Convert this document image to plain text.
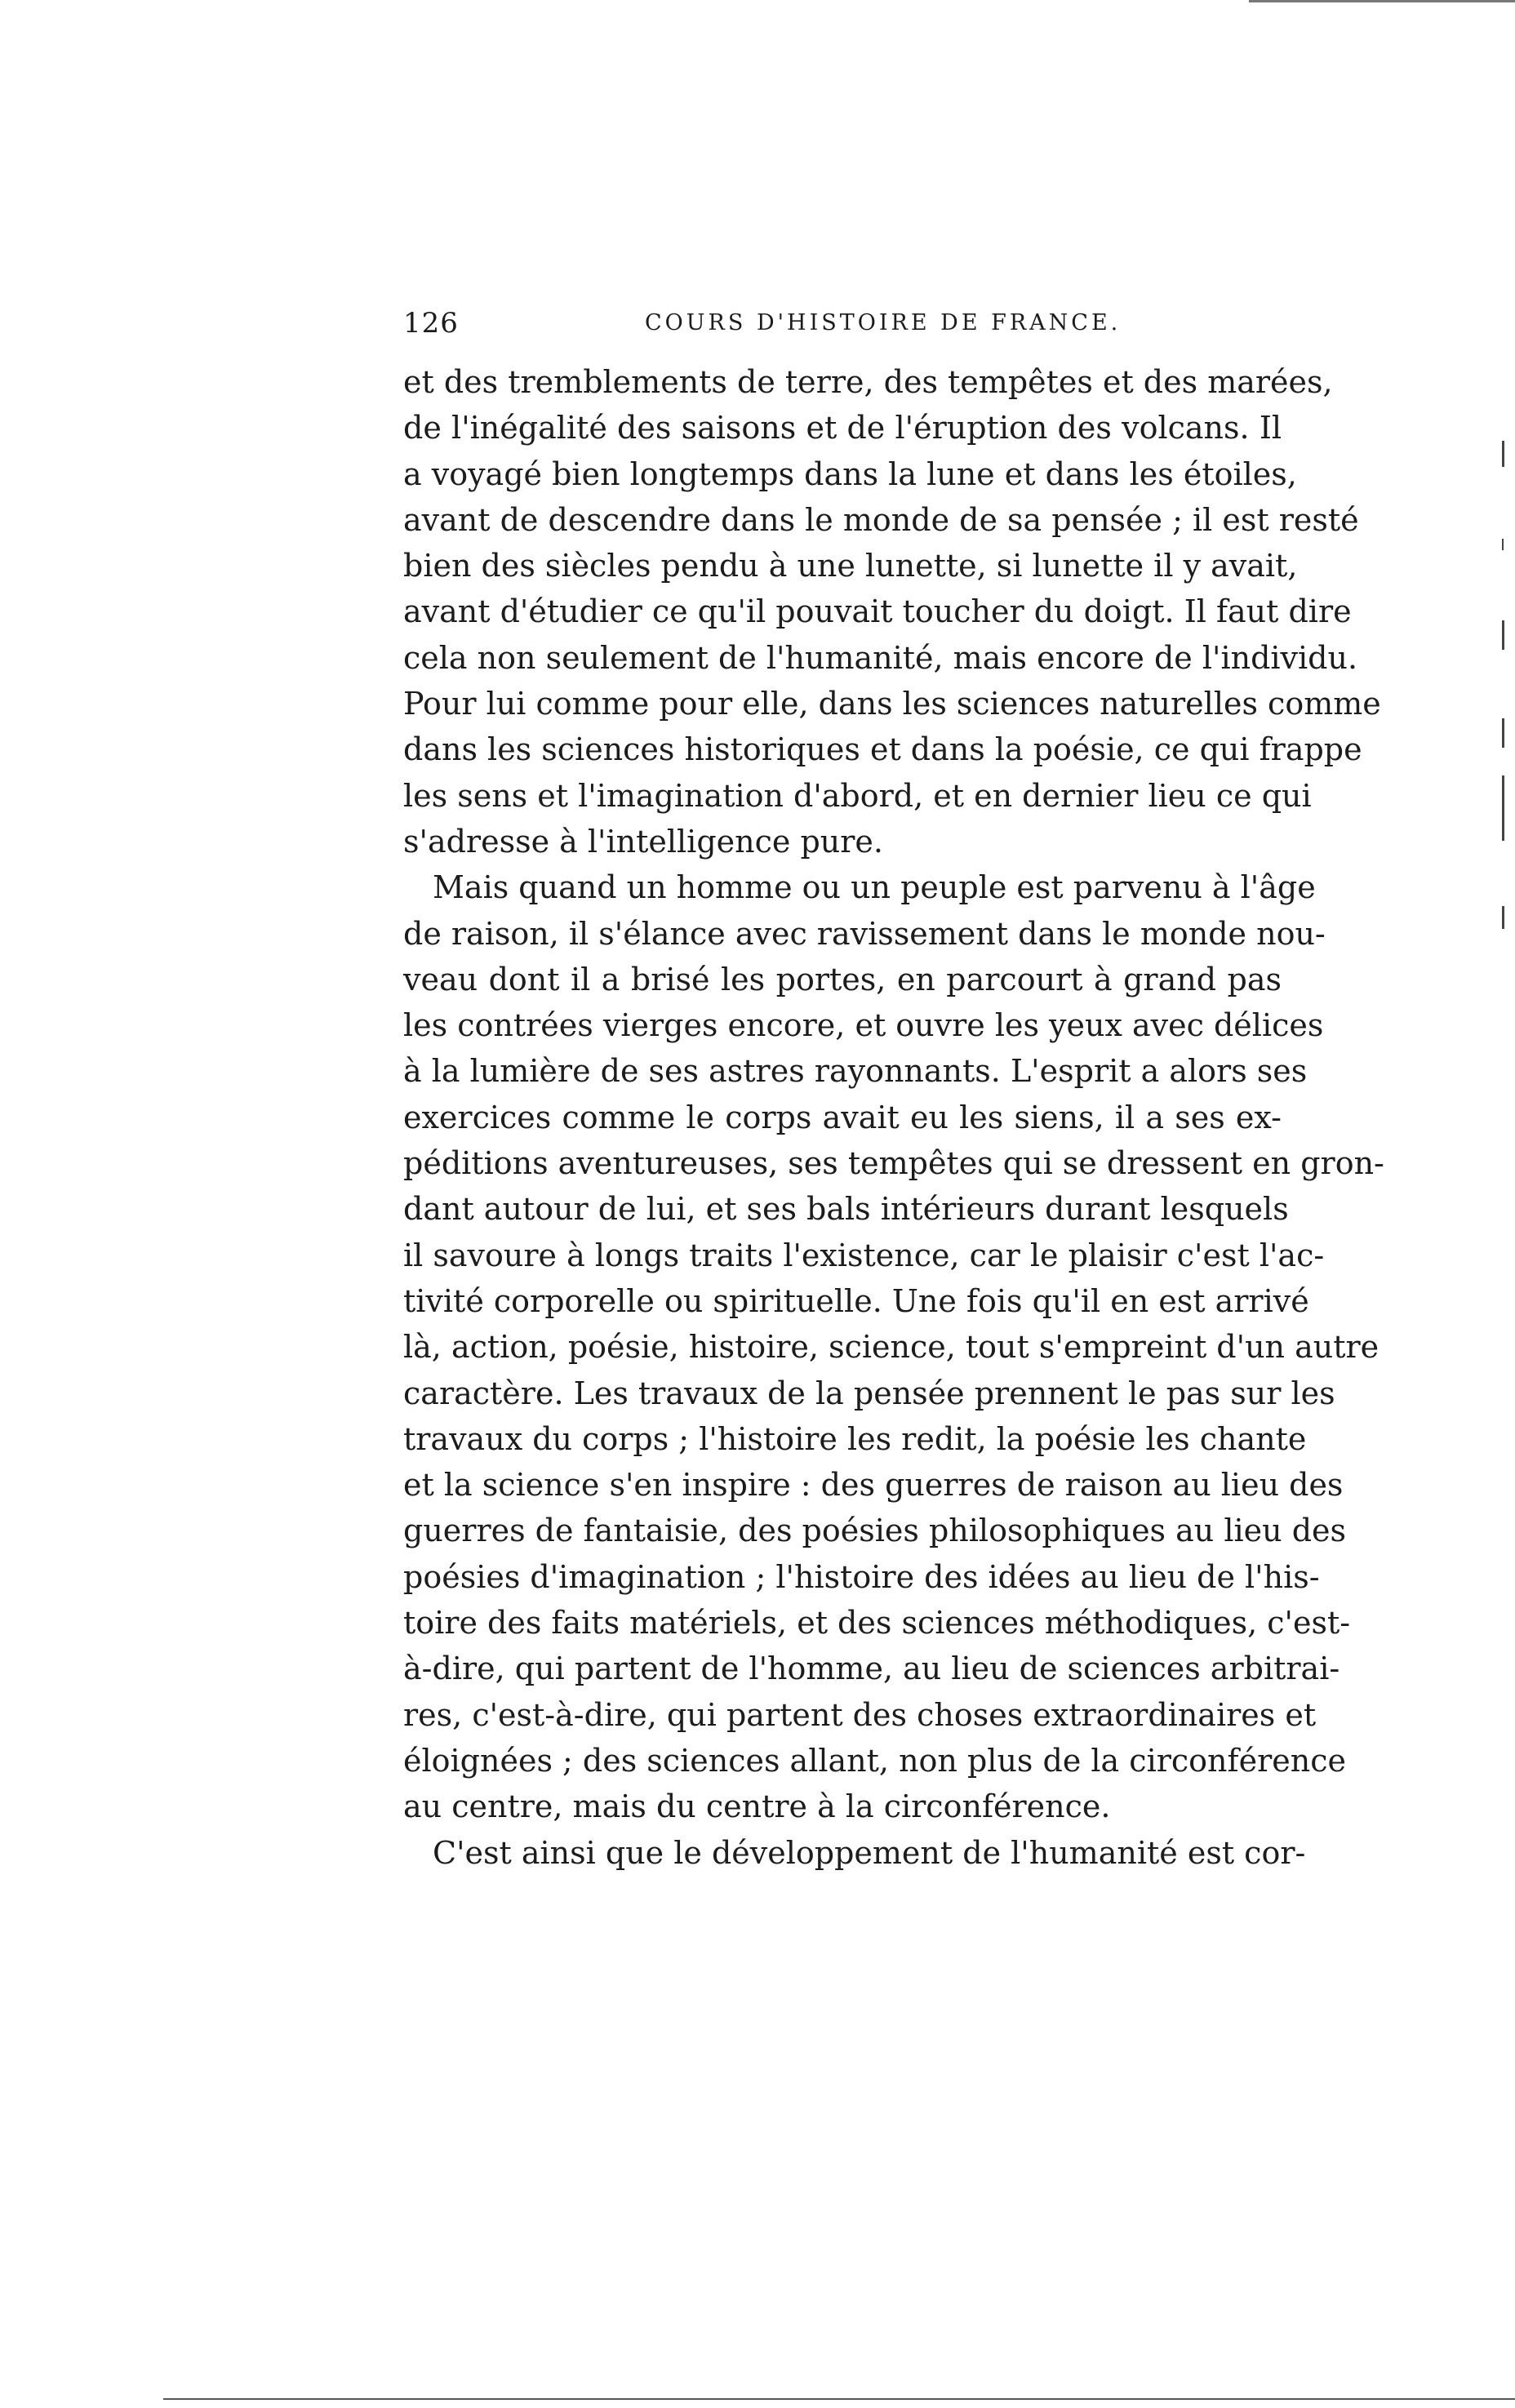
126	COURS D'HISTOIRE DE FRANCE.
et des tremblements de terre, des tempêtes et des marées,
de l'inégalité des saisons et de l'éruption des volcans. Il
a voyagé bien longtemps dans la lune et dans les étoiles,
avant de descendre dans le monde de sa pensée ; il est resté
bien des siècles pendu à une lunette, si lunette il y avait,
avant d'étudier ce qu'il pouvait toucher du doigt. Il faut dire
cela non seulement de l'humanité, mais encore de l'individu.
Pour lui comme pour elle, dans les sciences naturelles comme
dans les sciences historiques et dans la poésie, ce qui frappe
les sens et l'imagination d'abord, et en dernier lieu ce qui
s'adresse à l'intelligence pure.
Mais quand un homme ou un peuple est parvenu à l'âge
de raison, il s'élance avec ravissement dans le monde nou-
veau dont il a brisé les portes, en parcourt à grand pas
les contrées vierges encore, et ouvre les yeux avec délices
à la lumière de ses astres rayonnants. L'esprit a alors ses
exercices comme le corps avait eu les siens, il a ses ex-
péditions aventureuses, ses tempêtes qui se dressent en gron-
dant autour de lui, et ses bals intérieurs durant lesquels
il savoure à longs traits l'existence, car le plaisir c'est l'ac-
tivité corporelle ou spirituelle. Une fois qu'il en est arrivé
là, action, poésie, histoire, science, tout s'empreint d'un autre
caractère. Les travaux de la pensée prennent le pas sur les
travaux du corps ; l'histoire les redit, la poésie les chante
et la science s'en inspire : des guerres de raison au lieu des
guerres de fantaisie, des poésies philosophiques au lieu des
poésies d'imagination ; l'histoire des idées au lieu de l'his-
toire des faits matériels, et des sciences méthodiques, c'est-
à-dire, qui partent de l'homme, au lieu de sciences arbitrai-
res, c'est-à-dire, qui partent des choses extraordinaires et
éloignées ; des sciences allant, non plus de la circonférence
au centre, mais du centre à la circonférence.
C'est ainsi que le développement de l'humanité est cor-
